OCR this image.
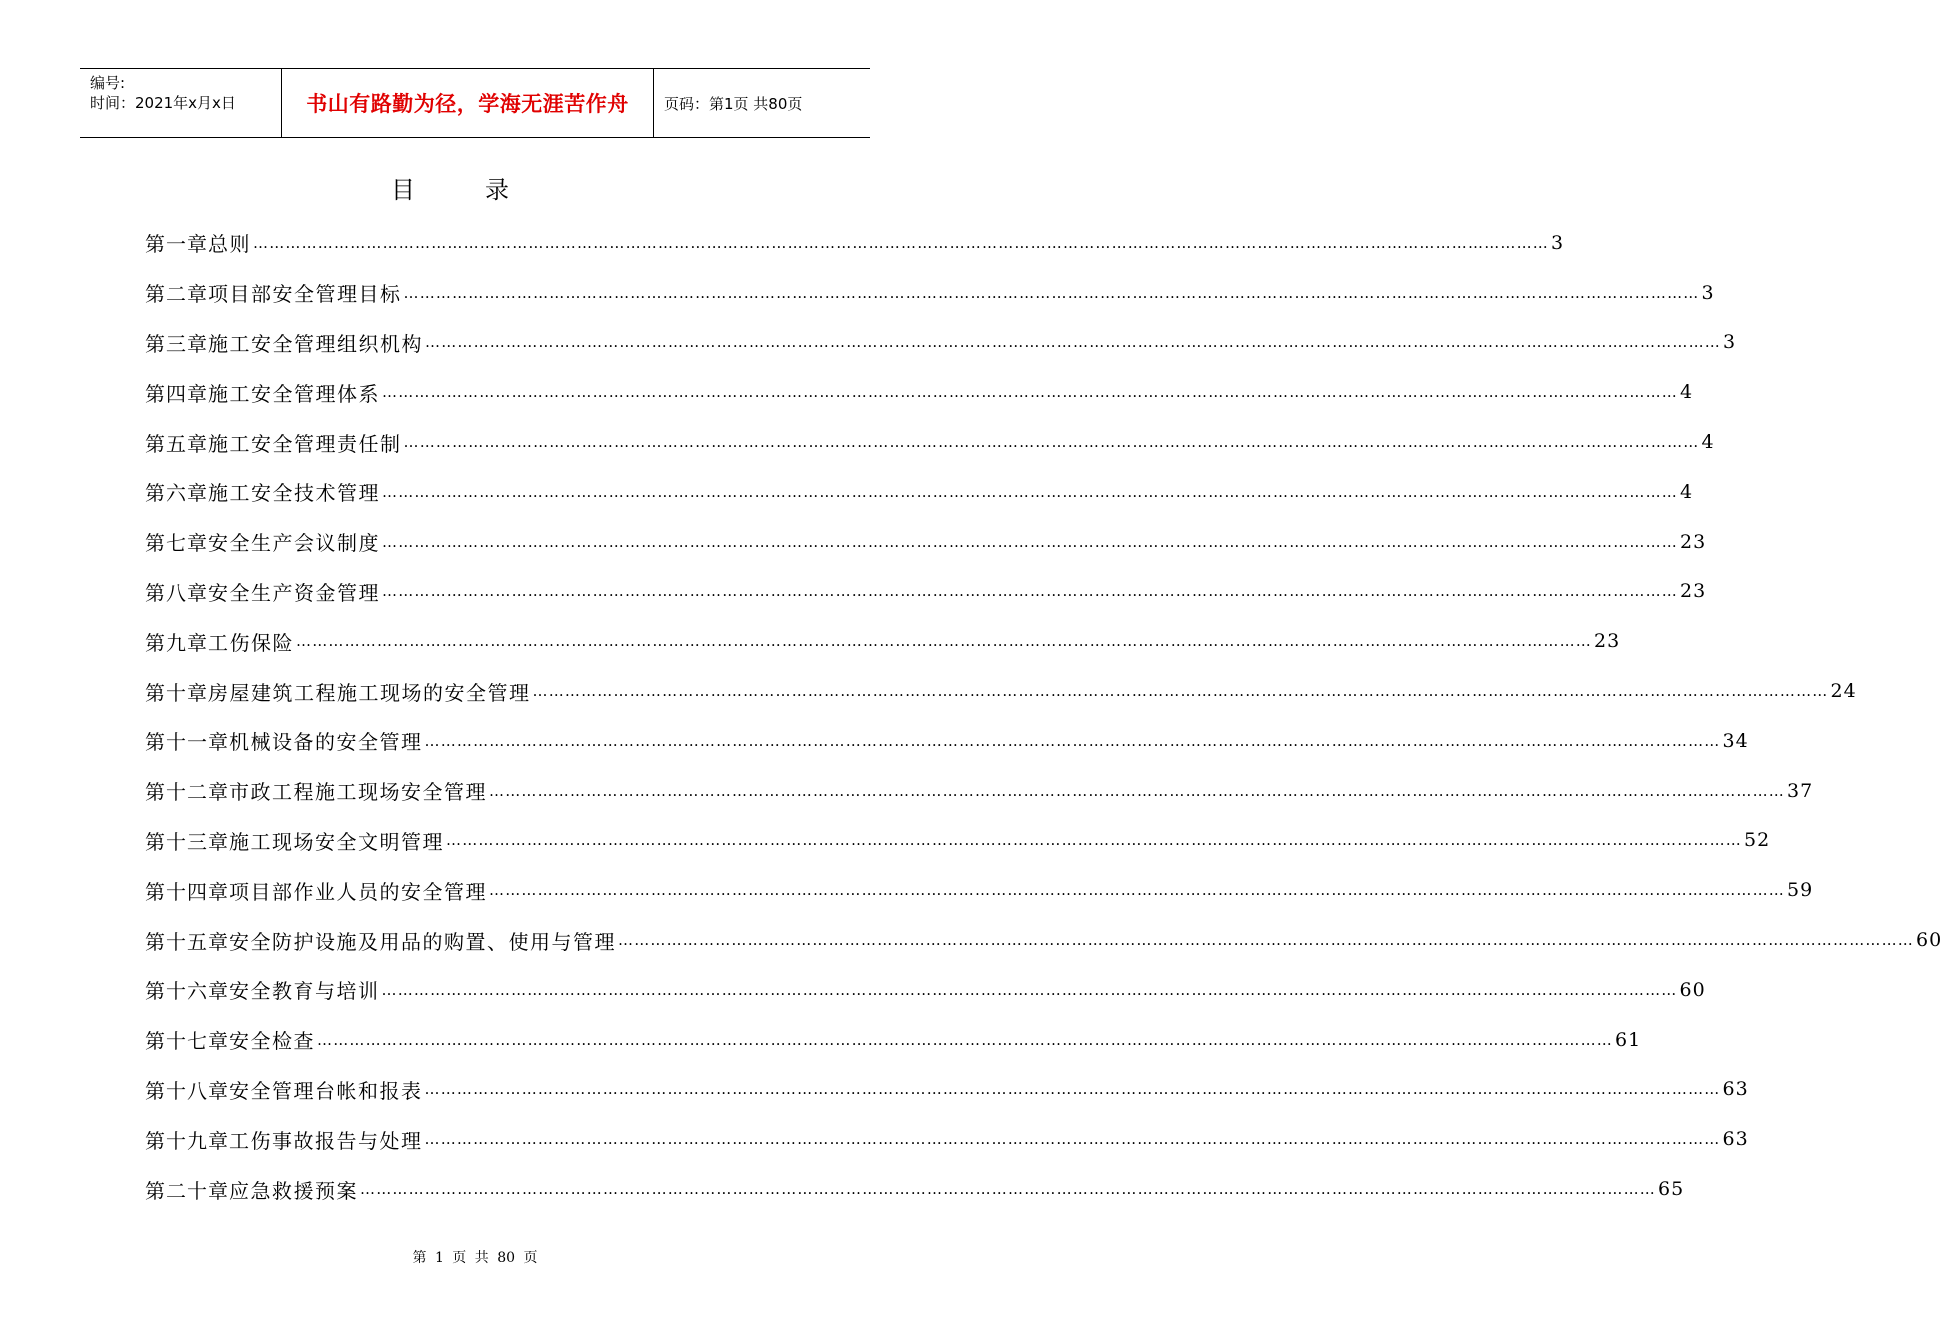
编号:
时间：2021年x月x日	书山有路勤为径，学海无涯苦作舟	页码：第1页 共80页
目录
第一章 总则 …………………………………………………………………………………………………………………………………………………………………………………………………………………… 3
第二章 项目部安全管理目标 …………………………………………………………………………………………………………………………………………………………………………………………………………………… 3
第三章 施工安全管理组织机构 …………………………………………………………………………………………………………………………………………………………………………………………………………………… 3
第四章 施工安全管理体系 …………………………………………………………………………………………………………………………………………………………………………………………………………………… 4
第五章 施工安全管理责任制 …………………………………………………………………………………………………………………………………………………………………………………………………………………… 4
第六章 施工安全技术管理 …………………………………………………………………………………………………………………………………………………………………………………………………………………… 4
第七章 安全生产会议制度 …………………………………………………………………………………………………………………………………………………………………………………………………………………… 23
第八章 安全生产资金管理 …………………………………………………………………………………………………………………………………………………………………………………………………………………… 23
第九章 工伤保险 …………………………………………………………………………………………………………………………………………………………………………………………………………………… 23
第十章 房屋建筑工程施工现场的安全管理 …………………………………………………………………………………………………………………………………………………………………………………………………………………… 24
第十一章 机械设备的安全管理 …………………………………………………………………………………………………………………………………………………………………………………………………………………… 34
第十二章 市政工程施工现场安全管理 …………………………………………………………………………………………………………………………………………………………………………………………………………………… 37
第十三章 施工现场安全文明管理 …………………………………………………………………………………………………………………………………………………………………………………………………………………… 52
第十四章 项目部作业人员的安全管理 …………………………………………………………………………………………………………………………………………………………………………………………………………………… 59
第十五章 安全防护设施及用品的购置、使用与管理 …………………………………………………………………………………………………………………………………………………………………………………………………………………… 60
第十六章 安全教育与培训 …………………………………………………………………………………………………………………………………………………………………………………………………………………… 60
第十七章 安全检查 …………………………………………………………………………………………………………………………………………………………………………………………………………………… 61
第十八章 安全管理台帐和报表 …………………………………………………………………………………………………………………………………………………………………………………………………………………… 63
第十九章 工伤事故报告与处理 …………………………………………………………………………………………………………………………………………………………………………………………………………………… 63
第二十章 应急救援预案 …………………………………………………………………………………………………………………………………………………………………………………………………………………… 65
第 1 页 共 80 页
